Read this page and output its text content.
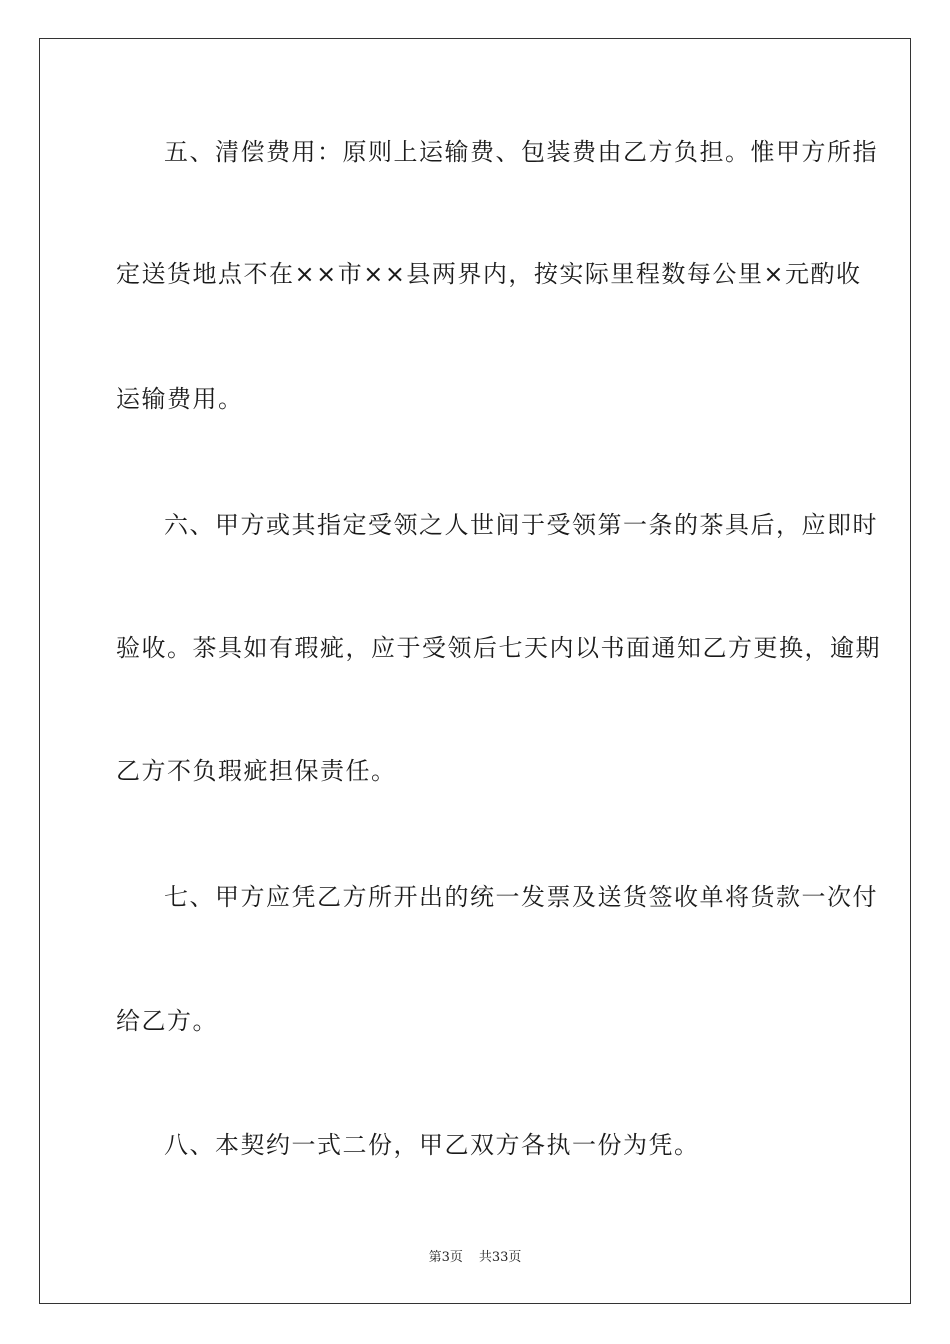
五、清偿费用：原则上运输费、包装费由乙方负担。惟甲方所指
定送货地点不在××市××县两界内，按实际里程数每公里×元酌收
运输费用。
六、甲方或其指定受领之人世间于受领第一条的茶具后，应即时
验收。茶具如有瑕疵，应于受领后七天内以书面通知乙方更换，逾期
乙方不负瑕疵担保责任。
七、甲方应凭乙方所开出的统一发票及送货签收单将货款一次付
给乙方。
八、本契约一式二份，甲乙双方各执一份为凭。
第3页 共33页
